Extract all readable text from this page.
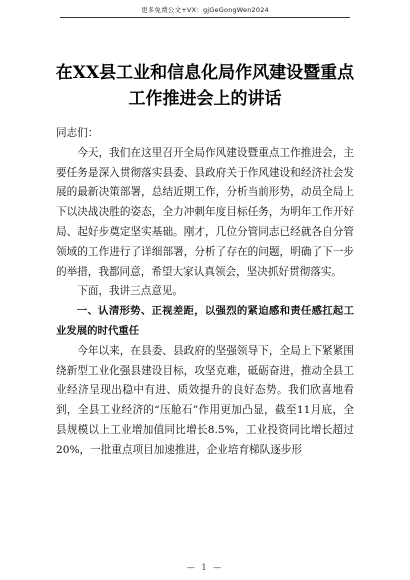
更多免费公文+VX：gjGeGongWen2024
在XX县工业和信息化局作风建设暨重点
工作推进会上的讲话

同志们：

今天，我们在这里召开全局作风建设暨重点工作推进会，主要任务是深入贯彻落实县委、县政府关于作风建设和经济社会发展的最新决策部署，总结近期工作，分析当前形势，动员全局上下以决战决胜的姿态，全力冲刺年度目标任务，为明年工作开好局、起好步奠定坚实基础。刚才，几位分管同志已经就各自分管领域的工作进行了详细部署，分析了存在的问题，明确了下一步的举措，我都同意，希望大家认真领会，坚决抓好贯彻落实。

下面，我讲三点意见。

一、认清形势、正视差距，以强烈的紧迫感和责任感扛起工业发展的时代重任

今年以来，在县委、县政府的坚强领导下，全局上下紧紧围绕新型工业化强县建设目标，攻坚克难，砥砺奋进，推动全县工业经济呈现出稳中有进、质效提升的良好态势。我们欣喜地看到，全县工业经济的“压舱石”作用更加凸显，截至11月底，全县规模以上工业增加值同比增长8.5%，工业投资同比增长超过20%，一批重点项目加速推进，企业培育梯队逐步形

— 1 —
